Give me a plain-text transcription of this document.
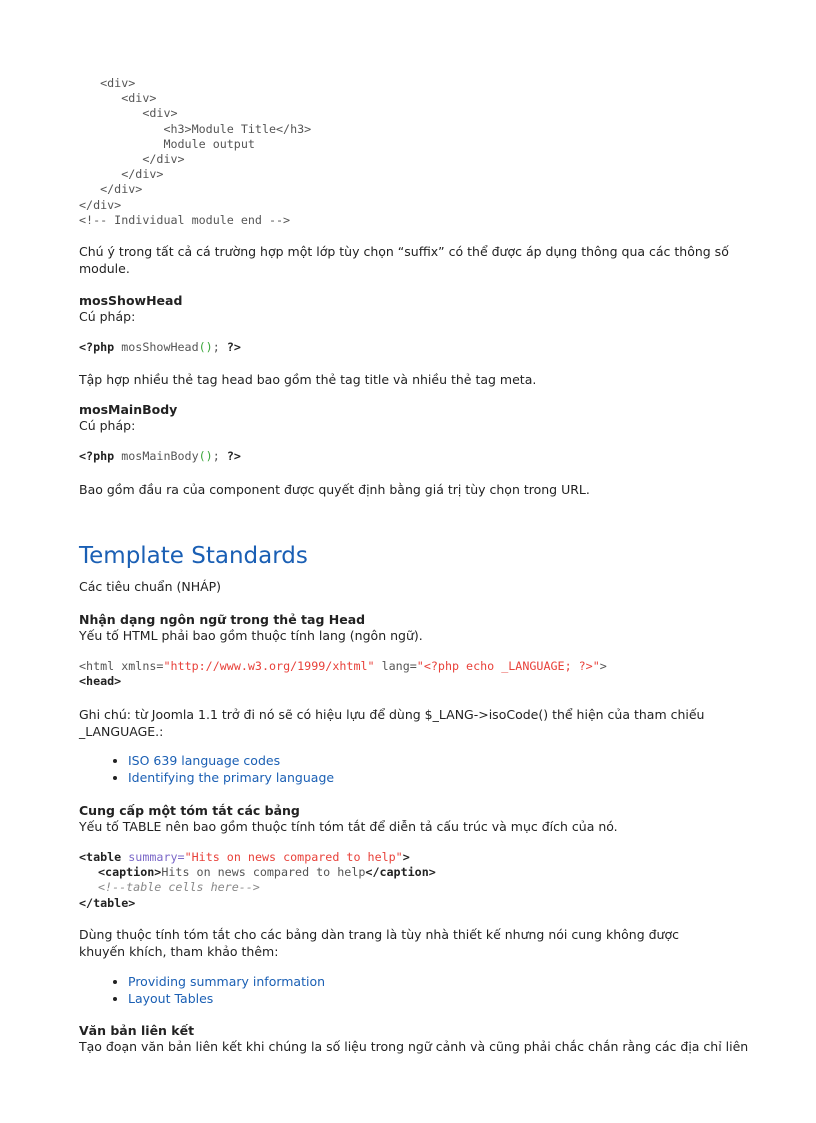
<div>
<div>
<div>
<h3>Module Title</h3>
Module output
</div>
</div>
</div>
</div>
<!-- Individual module end -->

Chú ý trong tất cả cá trường hợp một lớp tùy chọn “suffix” có thể được áp dụng thông qua các thông số module.

mosShowHead

Cú pháp:

<?php mosShowHead(); ?>

Tập hợp nhiều thẻ tag head bao gồm thẻ tag title và nhiều thẻ tag meta.

mosMainBody

Cú pháp:

<?php mosMainBody(); ?>

Bao gồm đầu ra của component được quyết định bằng giá trị tùy chọn trong URL.

Template Standards

Các tiêu chuẩn (NHÁP)

Nhận dạng ngôn ngữ trong thẻ tag Head

Yếu tố HTML phải bao gồm thuộc tính lang (ngôn ngữ).

<html xmlns="http://www.w3.org/1999/xhtml" lang="<?php echo _LANGUAGE; ?>">
<head>

Ghi chú: từ Joomla 1.1 trở đi nó sẽ có hiệu lựu để dùng $_LANG->isoCode() thể hiện của tham chiếu _LANGUAGE.:

• ISO 639 language codes
• Identifying the primary language

Cung cấp một tóm tắt các bảng

Yếu tố TABLE nên bao gồm thuộc tính tóm tắt để diễn tả cấu trúc và mục đích của nó.

<table summary="Hits on news compared to help">
<caption>Hits on news compared to help</caption>
<!--table cells here-->
</table>

Dùng thuộc tính tóm tắt cho các bảng dàn trang là tùy nhà thiết kế nhưng nói cung không được khuyến khích, tham khảo thêm:

• Providing summary information
• Layout Tables

Văn bản liên kết

Tạo đoạn văn bản liên kết khi chúng la số liệu trong ngữ cảnh và cũng phải chắc chắn rằng các địa chỉ liên
